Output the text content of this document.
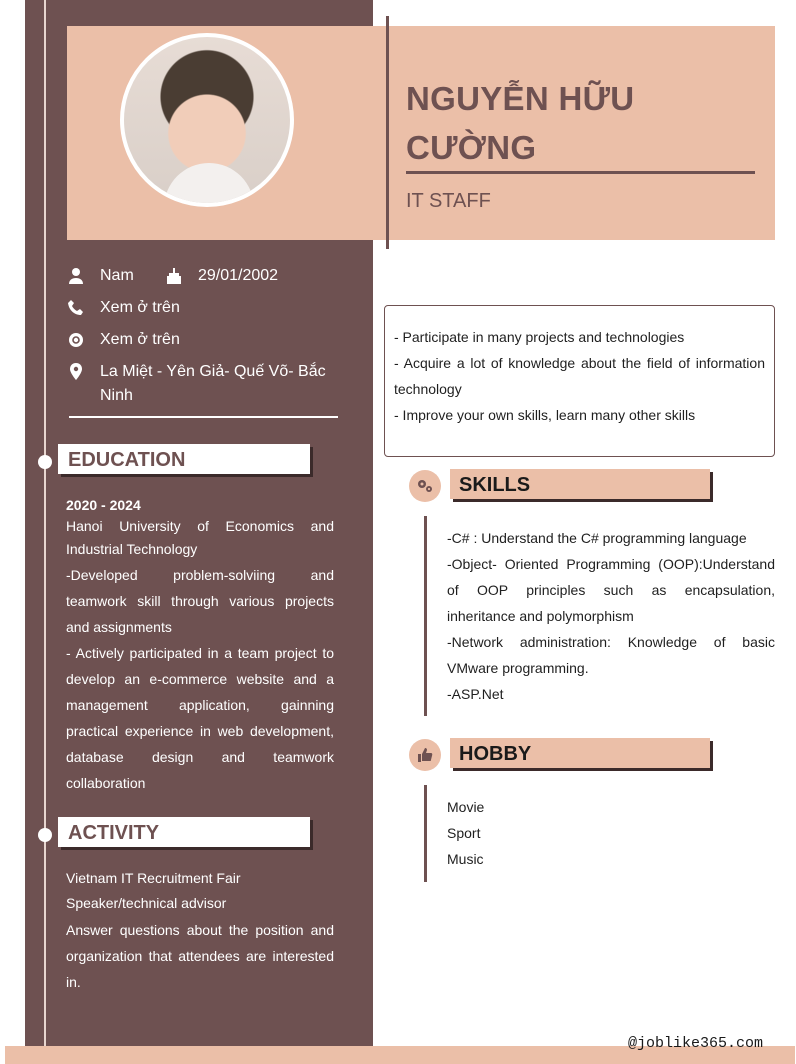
NGUYỄN HỮU CƯỜNG
IT STAFF
Nam	29/01/2002
Xem ở trên
Xem ở trên
La Miệt - Yên Giả- Quế Võ- Bắc Ninh
EDUCATION

2020 - 2024

Hanoi University of Economics and Industrial Technology

-Developed problem-solviing and teamwork skill through various projects and assignments

- Actively participated in a team project to develop an e-commerce website and a management application, gainning practical experience in web development, database design and teamwork collaboration

ACTIVITY

Vietnam IT Recruitment Fair

Speaker/technical advisor

Answer questions about the position and organization that attendees are interested in.

- Participate in many projects and technologies

- Acquire a lot of knowledge about the field of information technology

- Improve your own skills, learn many other skills

SKILLS

-C# : Understand the C# programming language

-Object- Oriented Programming (OOP):Understand of OOP principles such as encapsulation, inheritance and polymorphism

-Network administration: Knowledge of basic VMware programming.

-ASP.Net

HOBBY

Movie

Sport

Music

@joblike365.com
